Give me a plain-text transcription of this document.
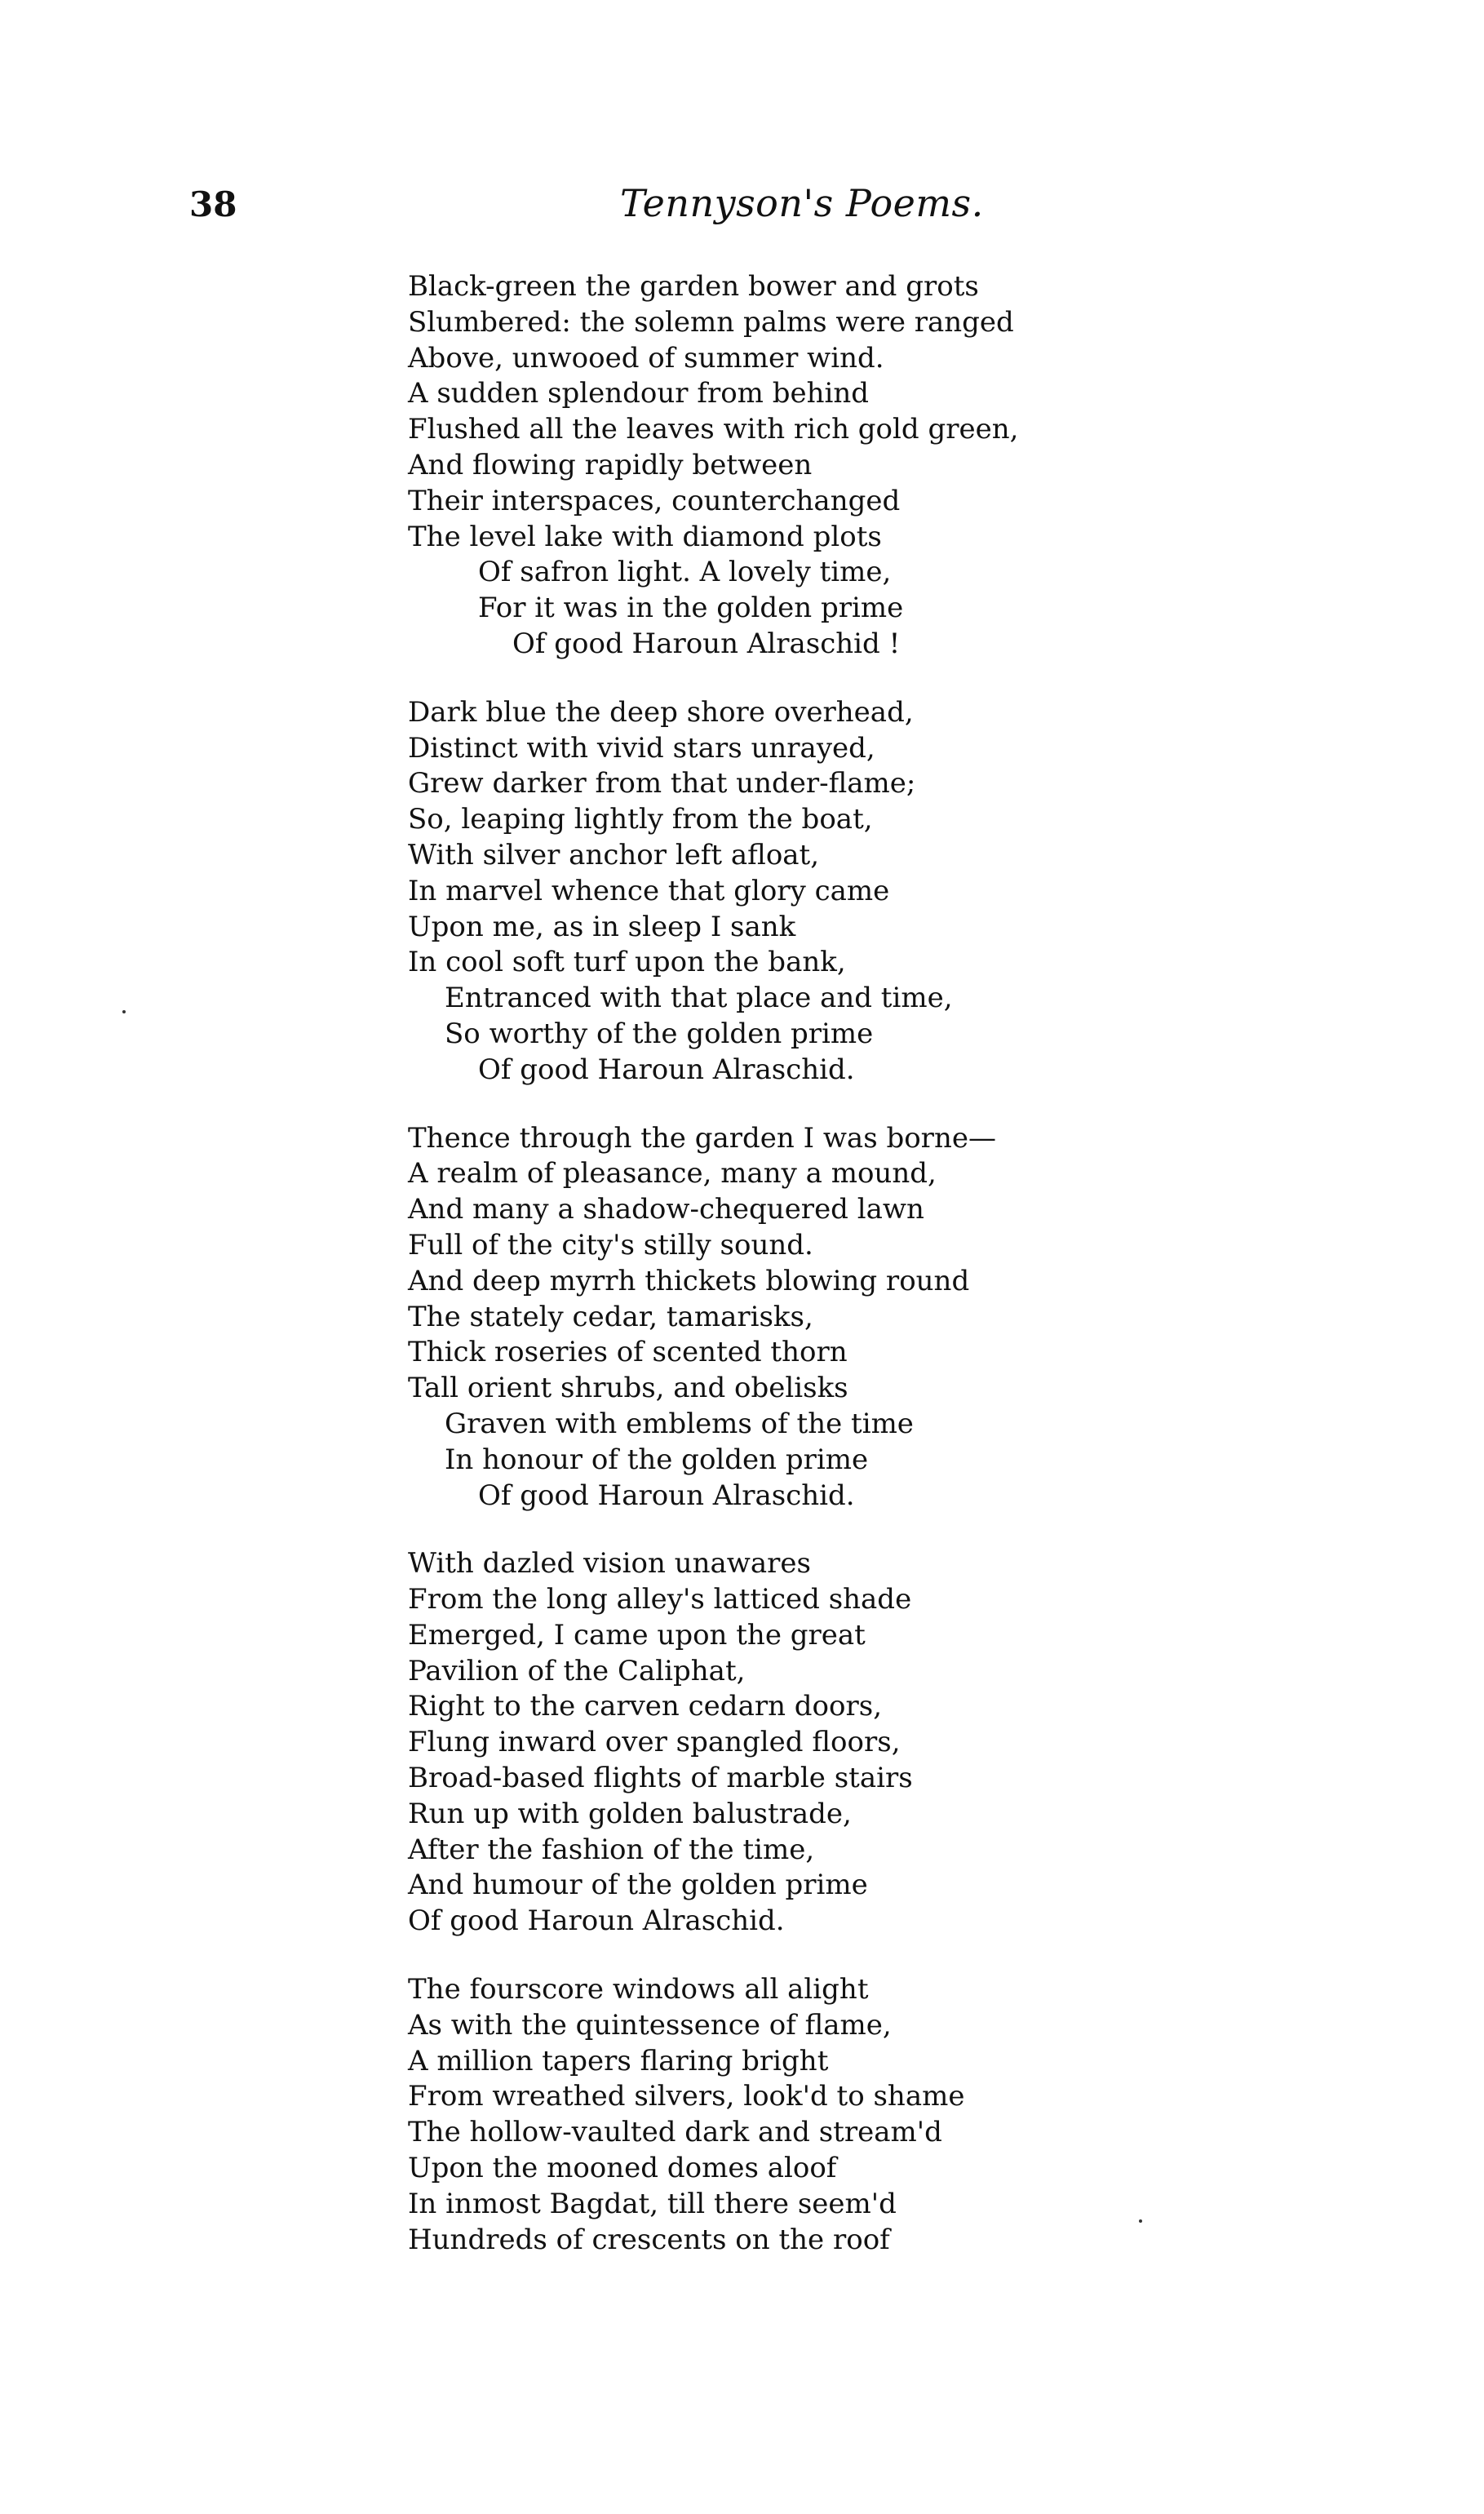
38	Tennyson's Poems.
Black-green the garden bower and grots
Slumbered: the solemn palms were ranged
Above, unwooed of summer wind.
A sudden splendour from behind
Flushed all the leaves with rich gold green,
And flowing rapidly between
Their interspaces, counterchanged
The level lake with diamond plots
Of safron light. A lovely time,
For it was in the golden prime
Of good Haroun Alraschid !
Dark blue the deep shore overhead,
Distinct with vivid stars unrayed,
Grew darker from that under-flame;
So, leaping lightly from the boat,
With silver anchor left afloat,
In marvel whence that glory came
Upon me, as in sleep I sank
In cool soft turf upon the bank,
Entranced with that place and time,
So worthy of the golden prime
Of good Haroun Alraschid.
Thence through the garden I was borne—
A realm of pleasance, many a mound,
And many a shadow-chequered lawn
Full of the city's stilly sound.
And deep myrrh thickets blowing round
The stately cedar, tamarisks,
Thick roseries of scented thorn
Tall orient shrubs, and obelisks
Graven with emblems of the time
In honour of the golden prime
Of good Haroun Alraschid.
With dazled vision unawares
From the long alley's latticed shade
Emerged, I came upon the great
Pavilion of the Caliphat,
Right to the carven cedarn doors,
Flung inward over spangled floors,
Broad-based flights of marble stairs
Run up with golden balustrade,
After the fashion of the time,
And humour of the golden prime
Of good Haroun Alraschid.
The fourscore windows all alight
As with the quintessence of flame,
A million tapers flaring bright
From wreathed silvers, look'd to shame
The hollow-vaulted dark and stream'd
Upon the mooned domes aloof
In inmost Bagdat, till there seem'd
Hundreds of crescents on the roof
